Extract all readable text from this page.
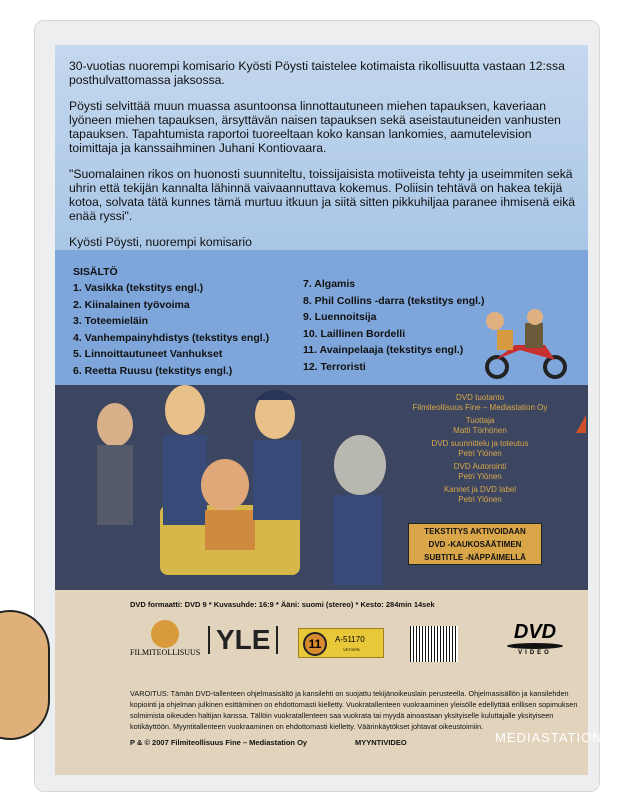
30-vuotias nuorempi komisario Kyösti Pöysti taistelee kotimaista rikollisuutta vastaan 12:ssa posthulvattomassa jaksossa.

Pöysti selvittää muun muassa asuntoonsa linnottautuneen miehen tapauksen, kaveriaan lyöneen miehen tapauksen, ärsyttävän naisen tapauksen sekä aseistautuneiden vanhusten tapauksen. Tapahtumista raportoi tuoreeltaan koko kansan lankomies, aamutelevision toimittaja ja kanssaihminen Juhani Kontiovaara.

"Suomalainen rikos on huonosti suunniteltu, toissijaisista motiiveista tehty ja useimmiten sekä uhrin että tekijän kannalta lähinnä vaivaannuttava kokemus. Poliisin tehtävä on hakea tekijä kotoa, solvata tätä kunnes tämä murtuu itkuun ja siitä sitten pikkuhiljaa paranee ihmisenä eikä enää ryssi".

Kyösti Pöysti, nuorempi komisario

SISÄLTÖ
1. Vasikka (tekstitys engl.)
2. Kiinalainen työvoima
3. Toteemieläin
4. Vanhempainyhdistys (tekstitys engl.)
5. Linnoittautuneet Vanhukset
6. Reetta Ruusu (tekstitys engl.)
7. Algamis
8. Phil Collins -darra (tekstitys engl.)
9. Luennoitsija
10. Laillinen Bordelli
11. Avainpelaaja (tekstitys engl.)
12. Terroristi
DVD tuotanto
Filmiteollisuus Fine – Mediastation Oy
Tuottaja
Matti Törhönen
DVD suunnittelu ja toteutus
Petri Ylönen
DVD Autorointi
Petri Ylönen
Kannet ja DVD label
Petri Ylönen
TEKSTITYS AKTIVOIDAAN
DVD -KAUKOSÄÄTIMEN
SUBTITLE -NÄPPÄIMELLÄ
DVD formaatti: DVD 9 * Kuvasuhde: 16:9 * Ääni: suomi (stereo) * Kesto: 284min 14sek
FILMITEOLLISUUS YLE	11	A-51170
VET/SFB
DVD
VIDEO
VAROITUS: Tämän DVD-tallenteen ohjelmasisältö ja kansilehti on suojattu tekijänoikeuslain perusteella. Ohjelmasisällön ja kansilehden kopiointi ja ohjelman julkinen esittäminen on ehdottomasti kielletty. Vuokratallenteen vuokraaminen yleisölle edellyttää erillisen sopimuksen solmimista oikeuden haltijan kanssa. Tällöin vuokratallenteen saa vuokrata tai myydä ainoastaan yksityiselle kuluttajalle yksityiseen kotikäyttöön. Myyntitallenteen vuokraaminen on ehdottomasti kielletty. Väärinkäytökset johtavat oikeustoimiin.
P & © 2007 Filmiteollisuus Fine – Mediastation Oy	MYYNTIVIDEO	MEDIASTATION
